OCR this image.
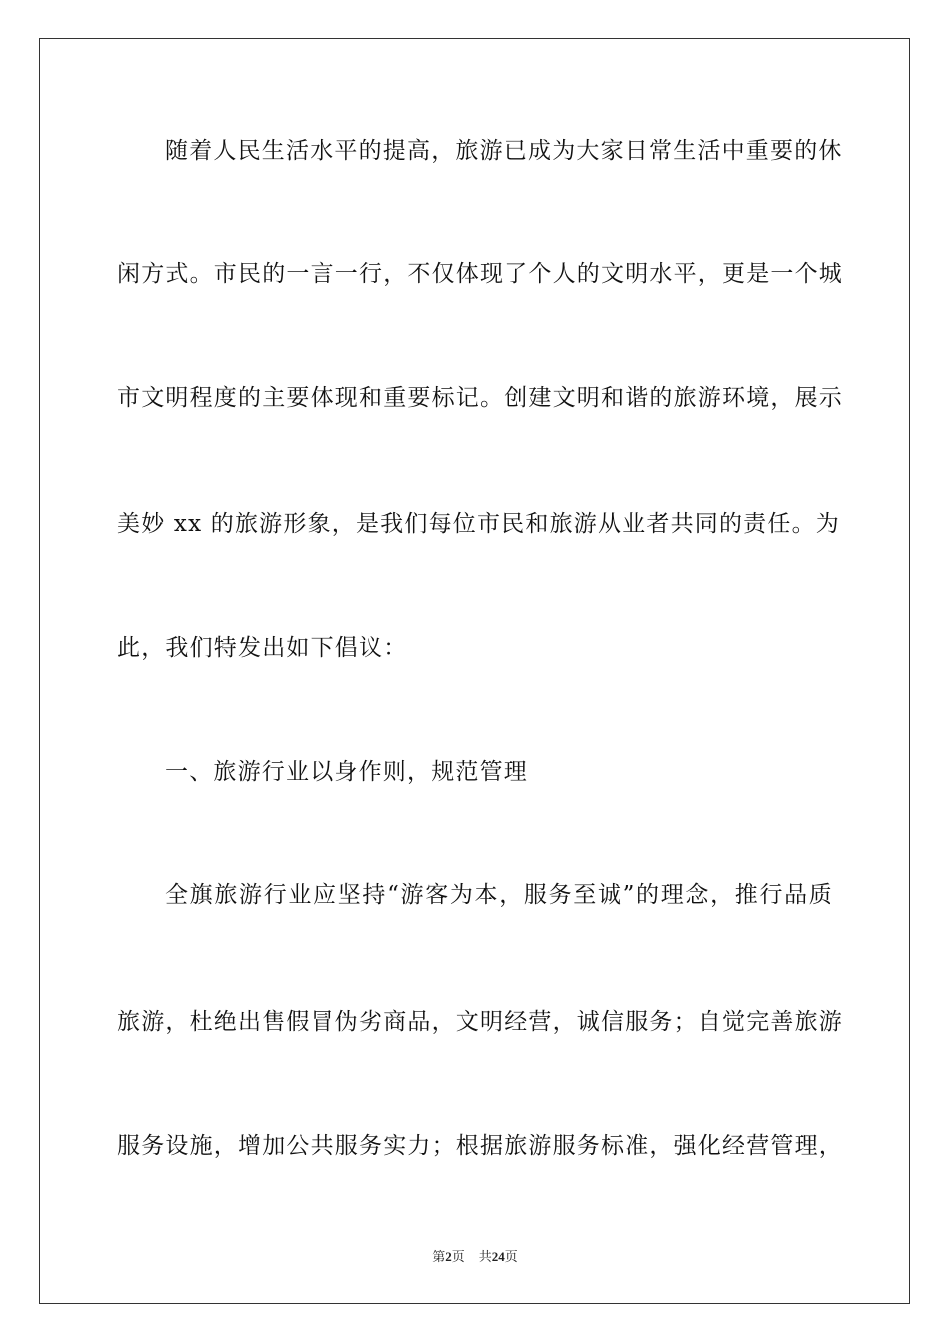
随着人民生活水平的提高，旅游已成为大家日常生活中重要的休
闲方式。市民的一言一行，不仅体现了个人的文明水平，更是一个城
市文明程度的主要体现和重要标记。创建文明和谐的旅游环境，展示
美妙 xx 的旅游形象，是我们每位市民和旅游从业者共同的责任。为
此，我们特发出如下倡议：
一、旅游行业以身作则，规范管理
全旗旅游行业应坚持“游客为本，服务至诚”的理念，推行品质
旅游，杜绝出售假冒伪劣商品，文明经营，诚信服务；自觉完善旅游
服务设施，增加公共服务实力；根据旅游服务标准，强化经营管理，
第2页 共24页
